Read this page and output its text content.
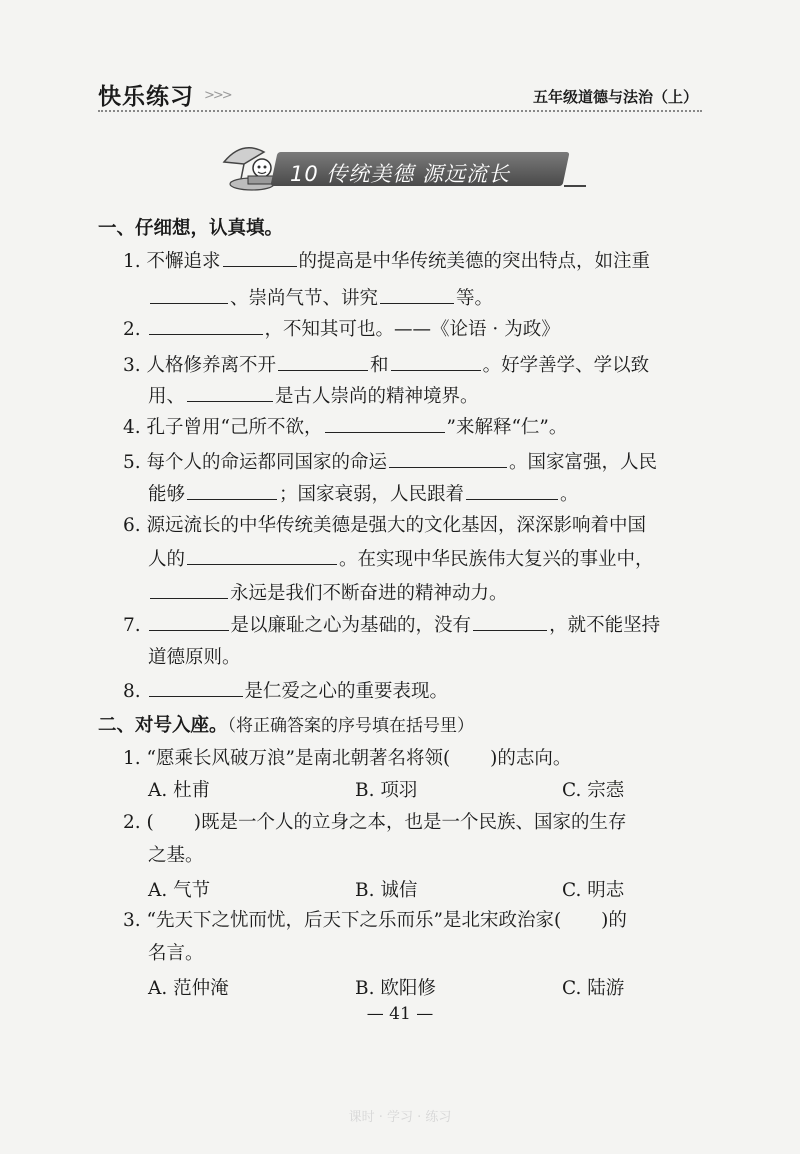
快乐练习 >>>	五年级道德与法治（上）
10 传统美德 源远流长
一、仔细想，认真填。
1. 不懈追求	的提高是中华传统美德的突出特点，如注重
、崇尚气节、讲究	等。
2.	，不知其可也。——《论语 · 为政》
3. 人格修养离不开	和	。好学善学、学以致
用、	是古人崇尚的精神境界。
4. 孔子曾用“己所不欲，	”来解释“仁”。
5. 每个人的命运都同国家的命运	。国家富强，人民
能够	；国家衰弱，人民跟着	。
6. 源远流长的中华传统美德是强大的文化基因，深深影响着中国
人的	。在实现中华民族伟大复兴的事业中，
永远是我们不断奋进的精神动力。
7.	是以廉耻之心为基础的，没有	，就不能坚持
道德原则。
8.	是仁爱之心的重要表现。
二、对号入座。（将正确答案的序号填在括号里）
1. “愿乘长风破万浪”是南北朝著名将领( )的志向。
A. 杜甫	B. 项羽	C. 宗悫
2. ( )既是一个人的立身之本，也是一个民族、国家的生存
之基。
A. 气节	B. 诚信	C. 明志
3. “先天下之忧而忧，后天下之乐而乐”是北宋政治家( )的
名言。
A. 范仲淹	B. 欧阳修	C. 陆游
— 41 —
课时 · 学习 · 练习
